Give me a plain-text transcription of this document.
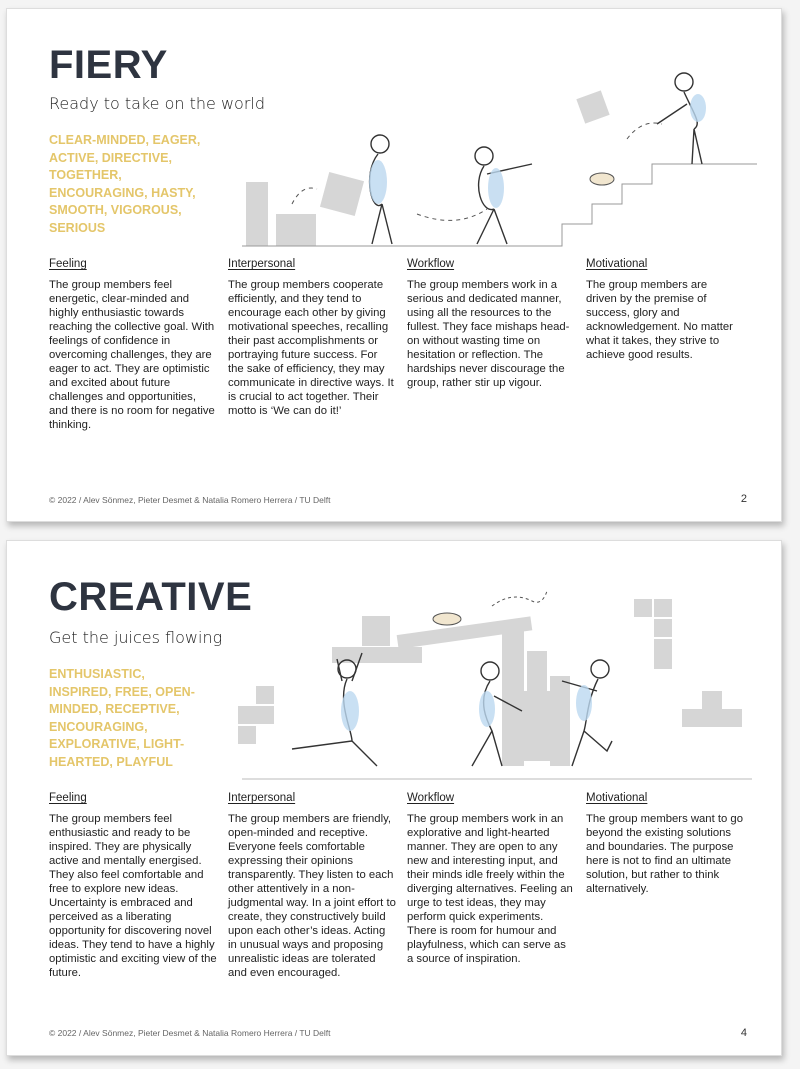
FIERY
Ready to take on the world
CLEAR-MINDED, EAGER, ACTIVE, DIRECTIVE, TOGETHER, ENCOURAGING, HASTY, SMOOTH, VIGOROUS, SERIOUS
Feeling

The group members feel energetic, clear-minded and highly enthusiastic towards reaching the collective goal. With feelings of confidence in overcoming challenges, they are eager to act. They are optimistic and excited about future challenges and opportunities, and there is no room for negative thinking.

Interpersonal

The group members cooperate efficiently, and they tend to encourage each other by giving motivational speeches, recalling their past accomplishments or portraying future success. For the sake of efficiency, they may communicate in directive ways. It is crucial to act together. Their motto is ‘We can do it!’

Workflow

The group members work in a serious and dedicated manner, using all the resources to the fullest. They face mishaps head-on without wasting time on hesitation or reflection. The hardships never discourage the group, rather stir up vigour.

Motivational

The group members are driven by the premise of success, glory and acknowledgement. No matter what it takes, they strive to achieve good results.

© 2022 / Alev Sönmez, Pieter Desmet & Natalia Romero Herrera / TU Delft	2
CREATIVE
Get the juices flowing
ENTHUSIASTIC, INSPIRED, FREE, OPEN-MINDED, RECEPTIVE, ENCOURAGING, EXPLORATIVE, LIGHT-HEARTED, PLAYFUL
Feeling

The group members feel enthusiastic and ready to be inspired. They are physically active and mentally energised. They also feel comfortable and free to explore new ideas. Uncertainty is embraced and perceived as a liberating opportunity for discovering novel ideas. They tend to have a highly optimistic and exciting view of the future.

Interpersonal

The group members are friendly, open-minded and receptive. Everyone feels comfortable expressing their opinions transparently. They listen to each other attentively in a non-judgmental way. In a joint effort to create, they constructively build upon each other’s ideas. Acting in unusual ways and proposing unrealistic ideas are tolerated and even encouraged.

Workflow

The group members work in an explorative and light-hearted manner. They are open to any new and interesting input, and their minds idle freely within the diverging alternatives. Feeling an urge to test ideas, they may perform quick experiments. There is room for humour and playfulness, which can serve as a source of inspiration.

Motivational

The group members want to go beyond the existing solutions and boundaries. The purpose here is not to find an ultimate solution, but rather to think alternatively.

© 2022 / Alev Sönmez, Pieter Desmet & Natalia Romero Herrera / TU Delft	4
